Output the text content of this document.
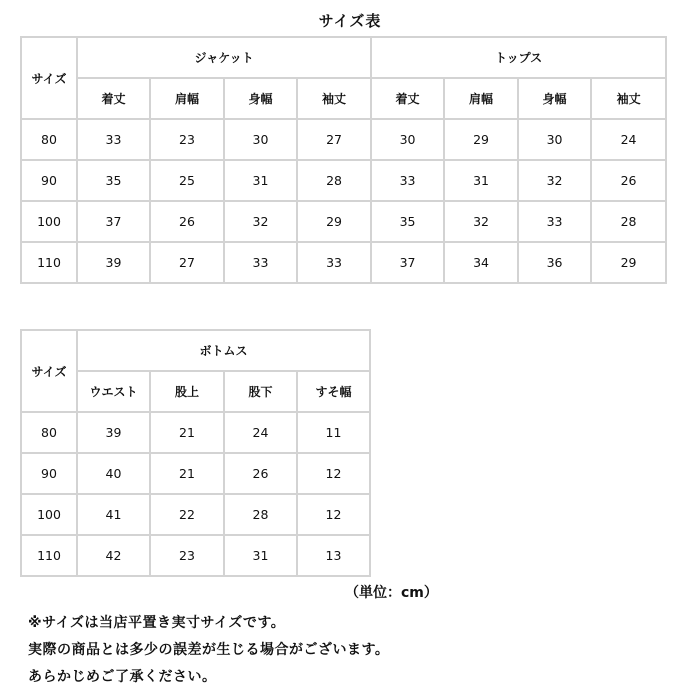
サイズ表
サイズ	ジャケット				トップス			
	着丈	肩幅	身幅	袖丈	着丈	肩幅	身幅	袖丈
80	33	23	30	27	30	29	30	24
90	35	25	31	28	33	31	32	26
100	37	26	32	29	35	32	33	28
110	39	27	33	33	37	34	36	29
サイズ	ボトムス			
	ウエスト	股上	股下	すそ幅
80	39	21	24	11
90	40	21	26	12
100	41	22	28	12
110	42	23	31	13
（単位：cm）
※サイズは当店平置き実寸サイズです。
実際の商品とは多少の誤差が生じる場合がございます。
あらかじめご了承ください。
